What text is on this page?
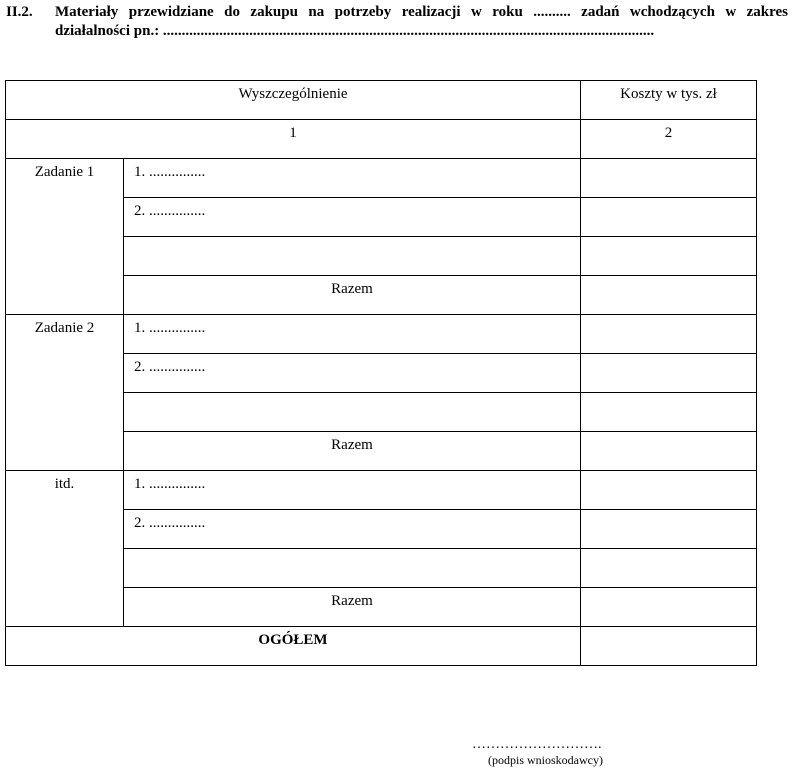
II.2. Materiały przewidziane do zakupu na potrzeby realizacji w roku .......... zadań wchodzących w zakres
działalności pn.: ...................................................................................................................................
Wyszczególnienie		Koszty w tys. zł

1		2

Zadanie 1	1. ...............	

	2. ...............	

	Razem	

Zadanie 2	1. ...............	

	2. ...............	

	Razem	

itd.	1. ...............	

	2. ...............	

	Razem	

OGÓŁEM		

……………………….
(podpis wnioskodawcy)
